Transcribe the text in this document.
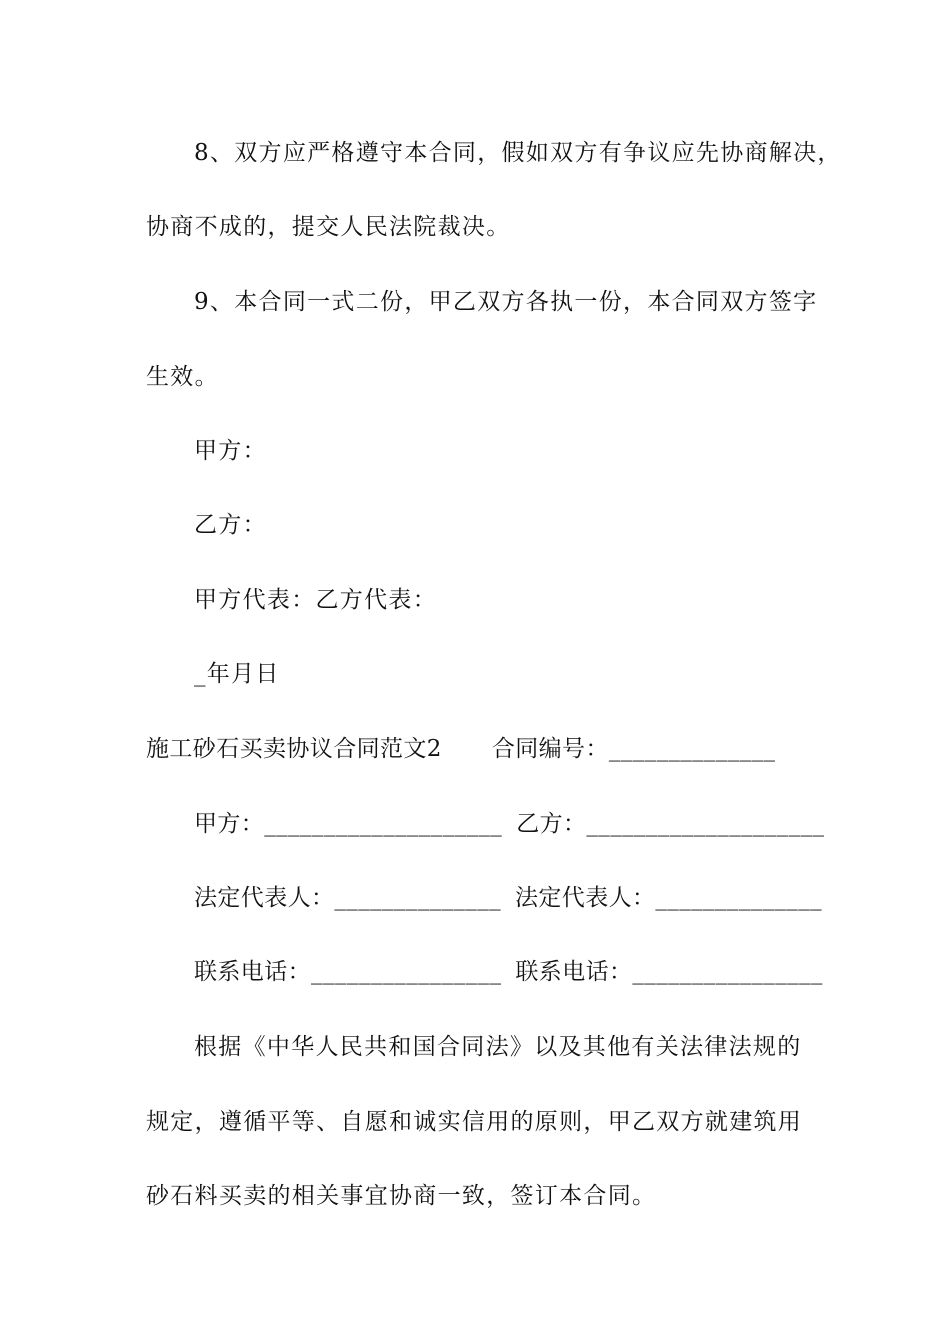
8、双方应严格遵守本合同，假如双方有争议应先协商解决，
协商不成的，提交人民法院裁决。
9、本合同一式二份，甲乙双方各执一份，本合同双方签字
生效。
甲方：
乙方：
甲方代表：乙方代表：
_年月日
施工砂石买卖协议合同范文2 合同编号：______________
甲方：____________________ 乙方：____________________
法定代表人：______________ 法定代表人：______________
联系电话：________________ 联系电话：________________
根据《中华人民共和国合同法》以及其他有关法律法规的
规定，遵循平等、自愿和诚实信用的原则，甲乙双方就建筑用
砂石料买卖的相关事宜协商一致，签订本合同。
